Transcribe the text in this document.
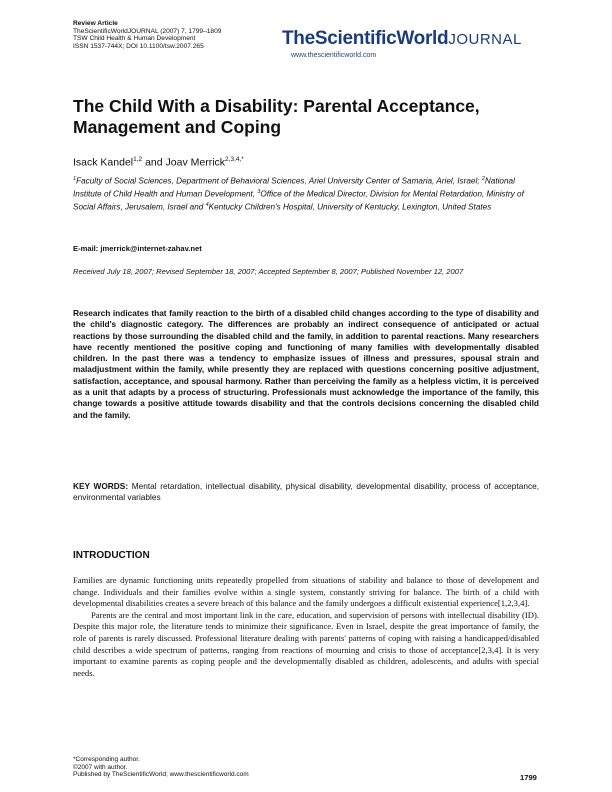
Review Article
TheScientificWorldJOURNAL (2007) 7, 1799–1809
TSW Child Health & Human Development
ISSN 1537-744X; DOI 10.1100/tsw.2007.265	TheScientificWorldJOURNAL
www.thescientificworld.com
The Child With a Disability: Parental Acceptance, Management and Coping
Isack Kandel$^{1,2}$ and Joav Merrick$^{2,3,4,*}$
$^1$Faculty of Social Sciences, Department of Behavioral Sciences, Ariel University Center of Samaria, Ariel, Israel; $^2$National Institute of Child Health and Human Development, $^3$Office of the Medical Director, Division for Mental Retardation, Ministry of Social Affairs, Jerusalem, Israel and $^4$Kentucky Children's Hospital, University of Kentucky, Lexington, United States
E-mail: jmerrick@internet-zahav.net
Received July 18, 2007; Revised September 18, 2007; Accepted September 8, 2007; Published November 12, 2007
Research indicates that family reaction to the birth of a disabled child changes according to the type of disability and the child's diagnostic category. The differences are probably an indirect consequence of anticipated or actual reactions by those surrounding the disabled child and the family, in addition to parental reactions. Many researchers have recently mentioned the positive coping and functioning of many families with developmentally disabled children. In the past there was a tendency to emphasize issues of illness and pressures, spousal strain and maladjustment within the family, while presently they are replaced with questions concerning positive adjustment, satisfaction, acceptance, and spousal harmony. Rather than perceiving the family as a helpless victim, it is perceived as a unit that adapts by a process of structuring. Professionals must acknowledge the importance of the family, this change towards a positive attitude towards disability and that the controls decisions concerning the disabled child and the family.
KEY WORDS: Mental retardation, intellectual disability, physical disability, developmental disability, process of acceptance, environmental variables
INTRODUCTION

Families are dynamic functioning units repeatedly propelled from situations of stability and balance to those of development and change. Individuals and their families evolve within a single system, constantly striving for balance. The birth of a child with developmental disabilities creates a severe breach of this balance and the family undergoes a difficult existential experience[1,2,3,4].

Parents are the central and most important link in the care, education, and supervision of persons with intellectual disability (ID). Despite this major role, the literature tends to minimize their significance. Even in Israel, despite the great importance of family, the role of parents is rarely discussed. Professional literature dealing with parents' patterns of coping with raising a handicapped/disabled child describes a wide spectrum of patterns, ranging from reactions of mourning and crisis to those of acceptance[2,3,4]. It is very important to examine parents as coping people and the developmentally disabled as children, adolescents, and adults with special needs.

*Corresponding author.
©2007 with author.
Published by TheScientificWorld; www.thescientificworld.com	1799
